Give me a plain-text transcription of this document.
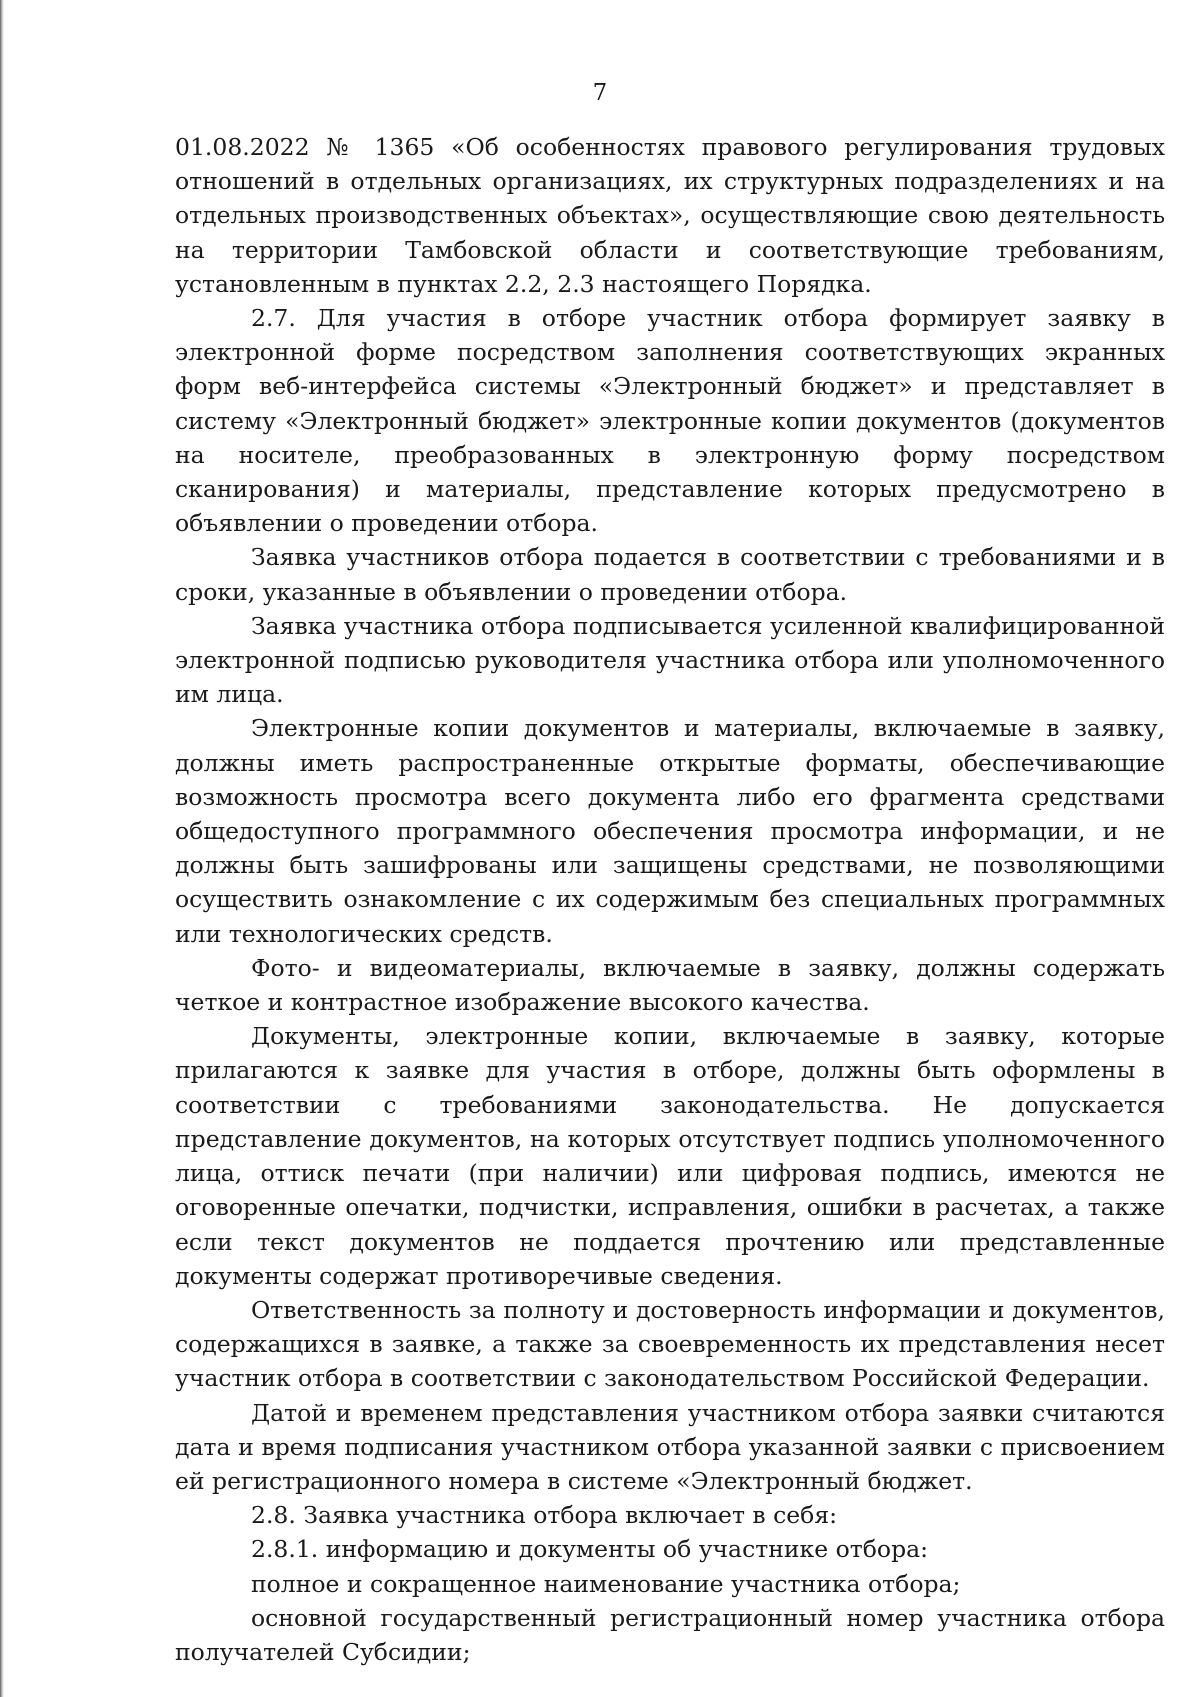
7

01.08.2022 № 1365 «Об особенностях правового регулирования трудовых отношений в отдельных организациях, их структурных подразделениях и на отдельных производственных объектах», осуществляющие свою деятельность на территории Тамбовской области и соответствующие требованиям, установленным в пунктах 2.2, 2.3 настоящего Порядка.

2.7. Для участия в отборе участник отбора формирует заявку в электронной форме посредством заполнения соответствующих экранных форм веб-интерфейса системы «Электронный бюджет» и представляет в систему «Электронный бюджет» электронные копии документов (документов на носителе, преобразованных в электронную форму посредством сканирования) и материалы, представление которых предусмотрено в объявлении о проведении отбора.

Заявка участников отбора подается в соответствии с требованиями и в сроки, указанные в объявлении о проведении отбора.

Заявка участника отбора подписывается усиленной квалифицированной электронной подписью руководителя участника отбора или уполномоченного им лица.

Электронные копии документов и материалы, включаемые в заявку, должны иметь распространенные открытые форматы, обеспечивающие возможность просмотра всего документа либо его фрагмента средствами общедоступного программного обеспечения просмотра информации, и не должны быть зашифрованы или защищены средствами, не позволяющими осуществить ознакомление с их содержимым без специальных программных или технологических средств.

Фото- и видеоматериалы, включаемые в заявку, должны содержать четкое и контрастное изображение высокого качества.

Документы, электронные копии, включаемые в заявку, которые прилагаются к заявке для участия в отборе, должны быть оформлены в соответствии с требованиями законодательства. Не допускается представление документов, на которых отсутствует подпись уполномоченного лица, оттиск печати (при наличии) или цифровая подпись, имеются не оговоренные опечатки, подчистки, исправления, ошибки в расчетах, а также если текст документов не поддается прочтению или представленные документы содержат противоречивые сведения.

Ответственность за полноту и достоверность информации и документов, содержащихся в заявке, а также за своевременность их представления несет участник отбора в соответствии с законодательством Российской Федерации.

Датой и временем представления участником отбора заявки считаются дата и время подписания участником отбора указанной заявки с присвоением ей регистрационного номера в системе «Электронный бюджет.

2.8. Заявка участника отбора включает в себя:

2.8.1. информацию и документы об участнике отбора:

полное и сокращенное наименование участника отбора;

основной государственный регистрационный номер участника отбора получателей Субсидии;
